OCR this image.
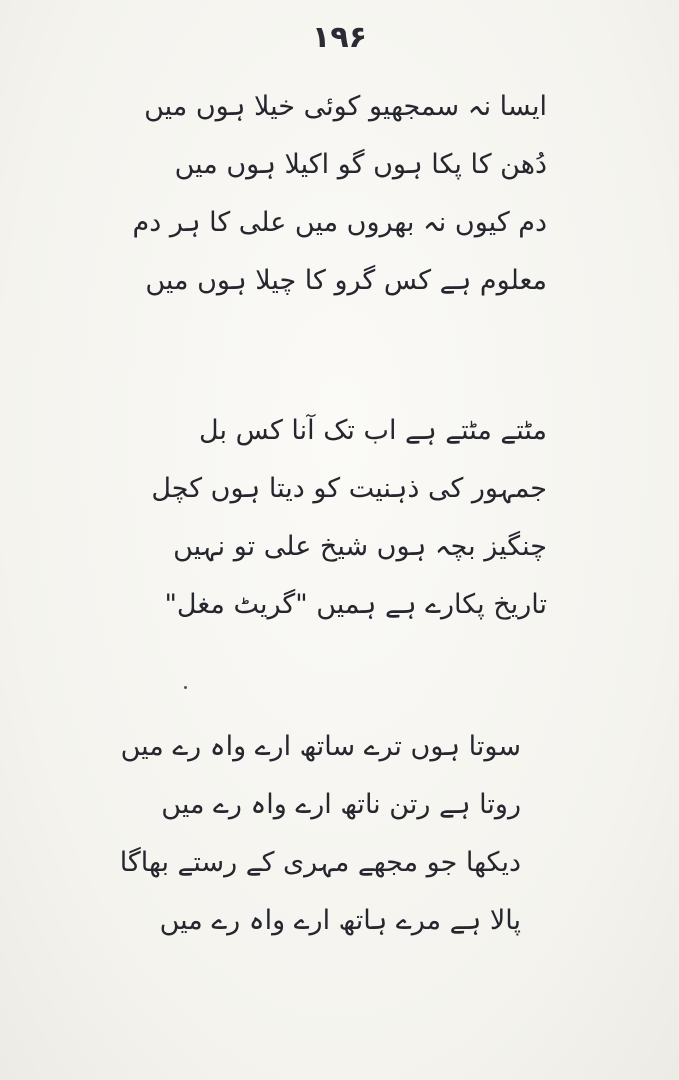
۱۹۶
ایسا نہ سمجھیو کوئی خیلا ہوں میں
دُھن کا پکا ہوں گو اکیلا ہوں میں
دم کیوں نہ بھروں میں علی کا ہر دم
معلوم ہے کس گرو کا چیلا ہوں میں
مٹتے مٹتے ہے اب تک آنا کس بل
جمہور کی ذہنیت کو دیتا ہوں کچل
چنگیز بچہ ہوں شیخ علی تو نہیں
تاریخ پکارے ہے ہمیں "گریٹ مغل"
سوتا ہوں ترے ساتھ ارے واہ رے میں
روتا ہے رتن ناتھ ارے واہ رے میں
دیکھا جو مجھے مہری کے رستے بھاگا
پالا ہے مرے ہاتھ ارے واہ رے میں
